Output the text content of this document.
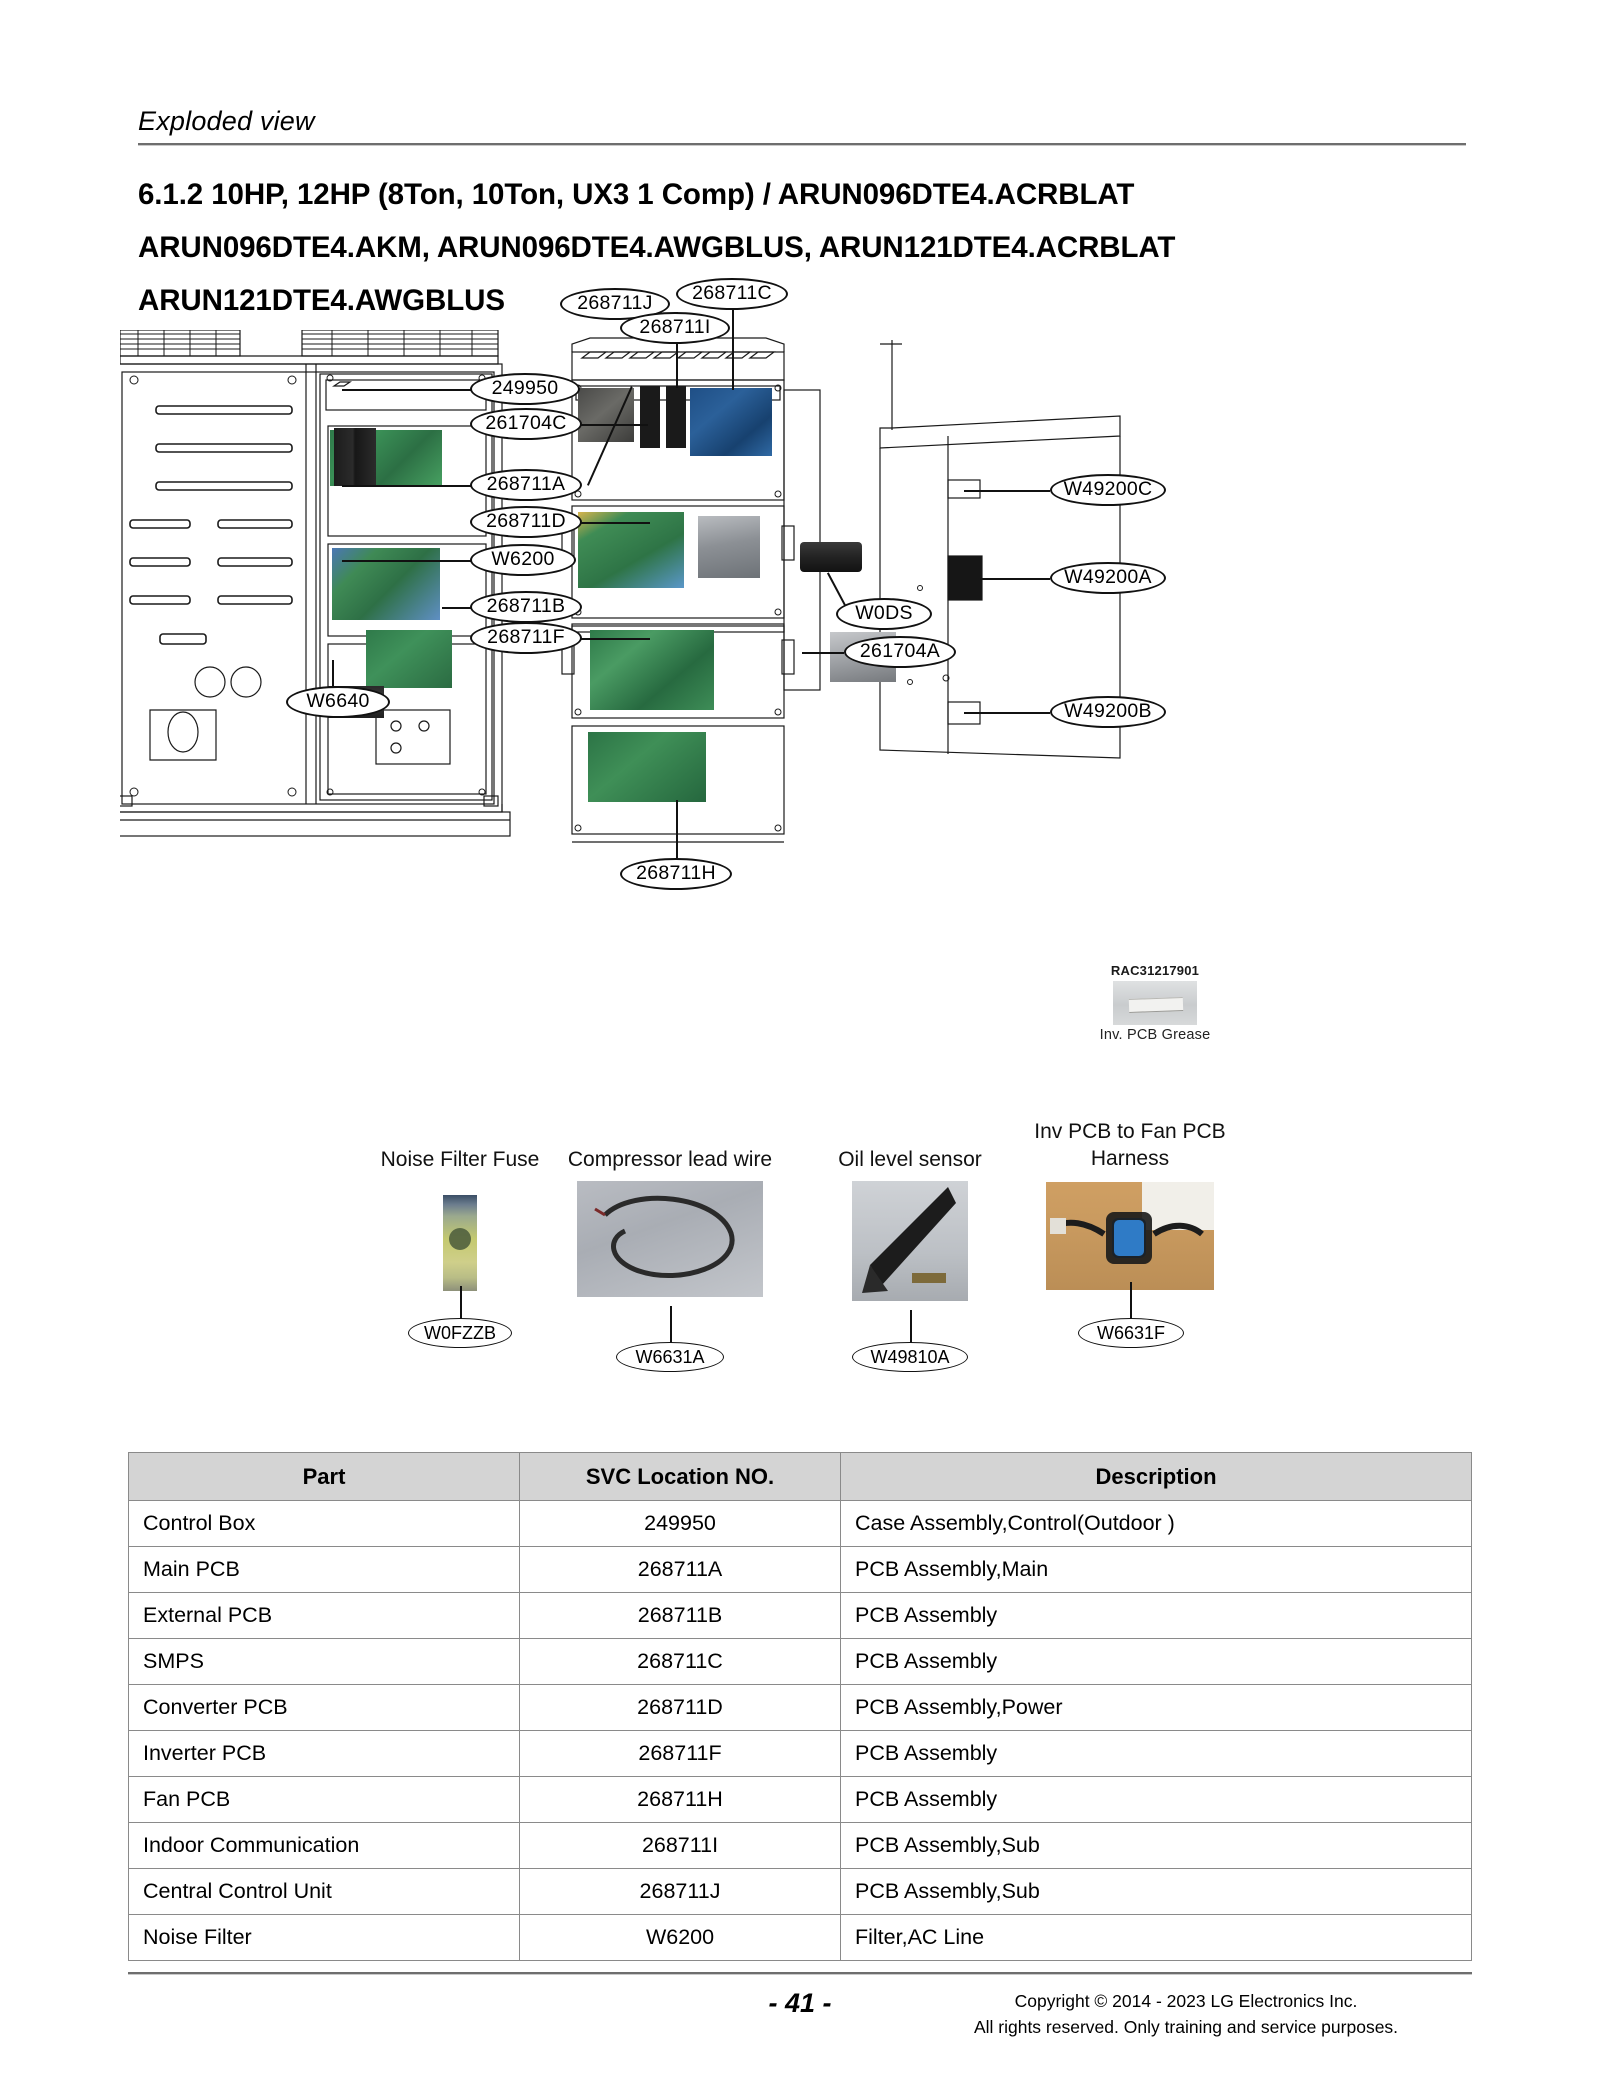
Exploded view
6.1.2 10HP, 12HP (8Ton, 10Ton, UX3 1 Comp) / ARUN096DTE4.ACRBLAT
ARUN096DTE4.AKM, ARUN096DTE4.AWGBLUS, ARUN121DTE4.ACRBLAT
ARUN121DTE4.AWGBLUS	268711J
268711I
268711C
249950
261704C
268711A
268711D
W6200
268711B
268711F
W6640
261704A
W0DS
268711H
W49200C
W49200A
W49200B
RAC31217901
Inv. PCB Grease
Noise Filter Fuse
W0FZZB
Compressor lead wire
W6631A
Oil level sensor
W49810A
Inv PCB to Fan PCB
Harness
W6631F
Part	SVC Location NO.	Description
Control Box	249950	Case Assembly,Control(Outdoor )
Main PCB	268711A	PCB Assembly,Main
External PCB	268711B	PCB Assembly
SMPS	268711C	PCB Assembly
Converter PCB	268711D	PCB Assembly,Power
Inverter PCB	268711F	PCB Assembly
Fan PCB	268711H	PCB Assembly
Indoor Communication	268711I	PCB Assembly,Sub
Central Control Unit	268711J	PCB Assembly,Sub
Noise Filter	W6200	Filter,AC Line
- 41 -	Copyright © 2014 - 2023 LG Electronics Inc.
All rights reserved. Only training and service purposes.
